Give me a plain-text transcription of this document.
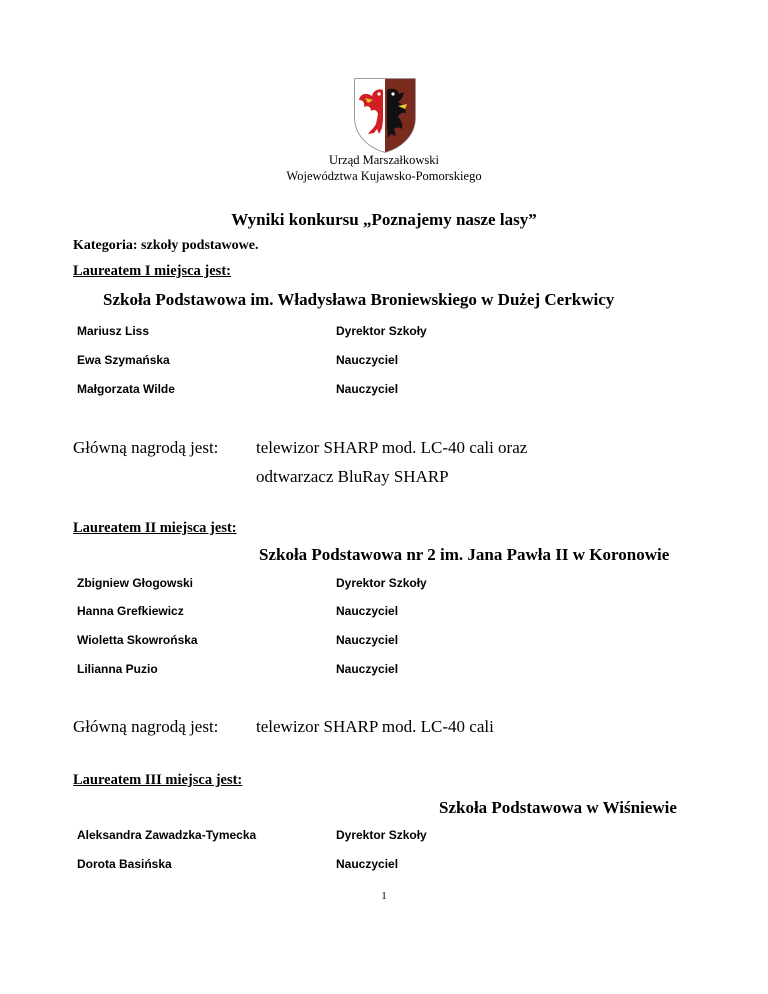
Urząd Marszałkowski
Województwa Kujawsko-Pomorskiego
Wyniki konkursu „Poznajemy nasze lasy”
Kategoria: szkoły podstawowe.
Laureatem I miejsca jest:
Szkoła Podstawowa im. Władysława Broniewskiego w Dużej Cerkwicy
Mariusz Liss	Dyrektor Szkoły
Ewa Szymańska	Nauczyciel
Małgorzata Wilde	Nauczyciel
Główną nagrodą jest: telewizor SHARP mod. LC-40 cali oraz
odtwarzacz BluRay SHARP
Laureatem II miejsca jest:
Szkoła Podstawowa nr 2 im. Jana Pawła II w Koronowie
Zbigniew Głogowski	Dyrektor Szkoły
Hanna Grefkiewicz	Nauczyciel
Wioletta Skowrońska	Nauczyciel
Lilianna Puzio	Nauczyciel
Główną nagrodą jest: telewizor SHARP mod. LC-40 cali
Laureatem III miejsca jest:
Szkoła Podstawowa w Wiśniewie
Aleksandra Zawadzka-Tymecka	Dyrektor Szkoły
Dorota Basińska	Nauczyciel
1
